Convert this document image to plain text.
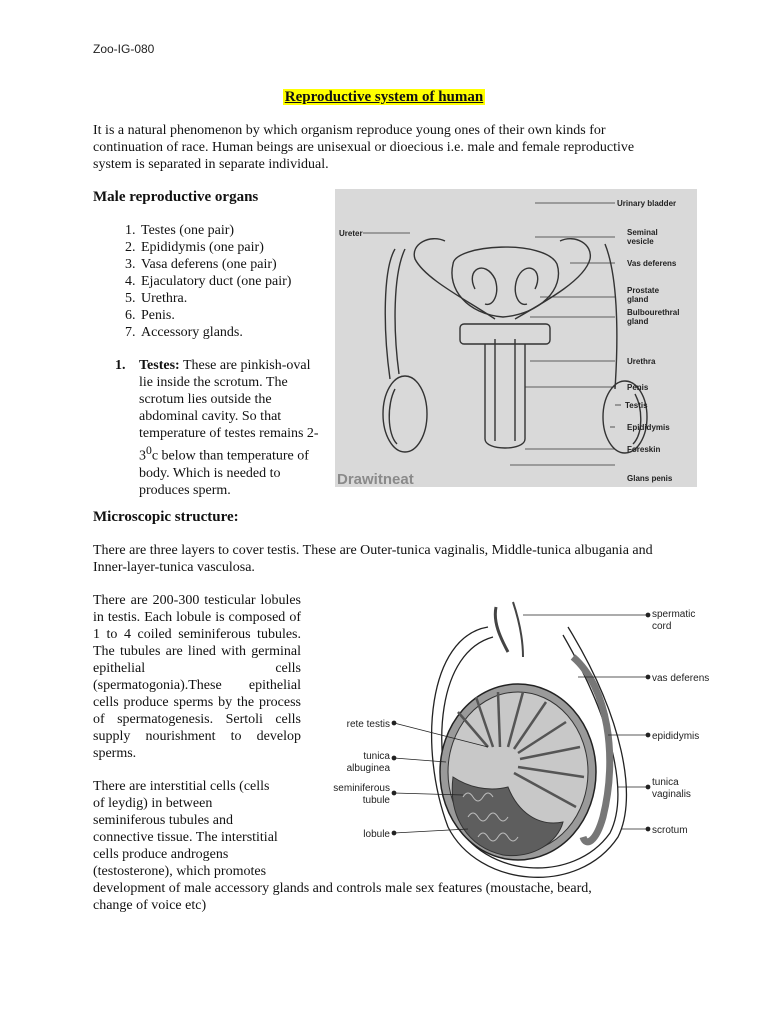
Zoo-IG-080
Reproductive system of human
It is a natural phenomenon by which organism reproduce young ones of their own kinds for continuation of race. Human beings are unisexual or dioecious i.e. male and female reproductive system is separated in separate individual.
Male reproductive organs
1. Testes (one pair)
2. Epididymis (one pair)
3. Vasa deferens (one pair)
4. Ejaculatory duct (one pair)
5. Urethra.
6. Penis.
7. Accessory glands.
1. Testes: These are pinkish-oval lie inside the scrotum. The scrotum lies outside the abdominal cavity. So that temperature of testes remains $2-3^0c$ below than temperature of body. Which is needed to produces sperm.
Ureter
Urinary bladder
Seminal
vesicle
Vas deferens
Prostate
gland
Bulbourethral
gland
Urethra
Penis
Testis
Epididymis
Foreskin
Glans penis
Drawitneat
Microscopic structure:
There are three layers to cover testis. These are Outer-tunica vaginalis, Middle-tunica albugania and Inner-layer-tunica vasculosa.
There are 200-300 testicular lobules in testis. Each lobule is composed of 1 to 4 coiled seminiferous tubules. The tubules are lined with germinal epithelial cells (spermatogonia).These epithelial cells produce sperms by the process of spermatogenesis. Sertoli cells supply nourishment to develop sperms.
There are interstitial cells (cells
of leydig) in between
seminiferous tubules and
connective tissue. The interstitial
cells produce androgens
(testosterone), which promotes
development of male accessory glands and controls male sex features (moustache, beard,
change of voice etc)
spermatic
cord
vas deferens
epididymis
tunica
vaginalis
scrotum
rete testis
tunica
albuginea
seminiferous
tubule
lobule
